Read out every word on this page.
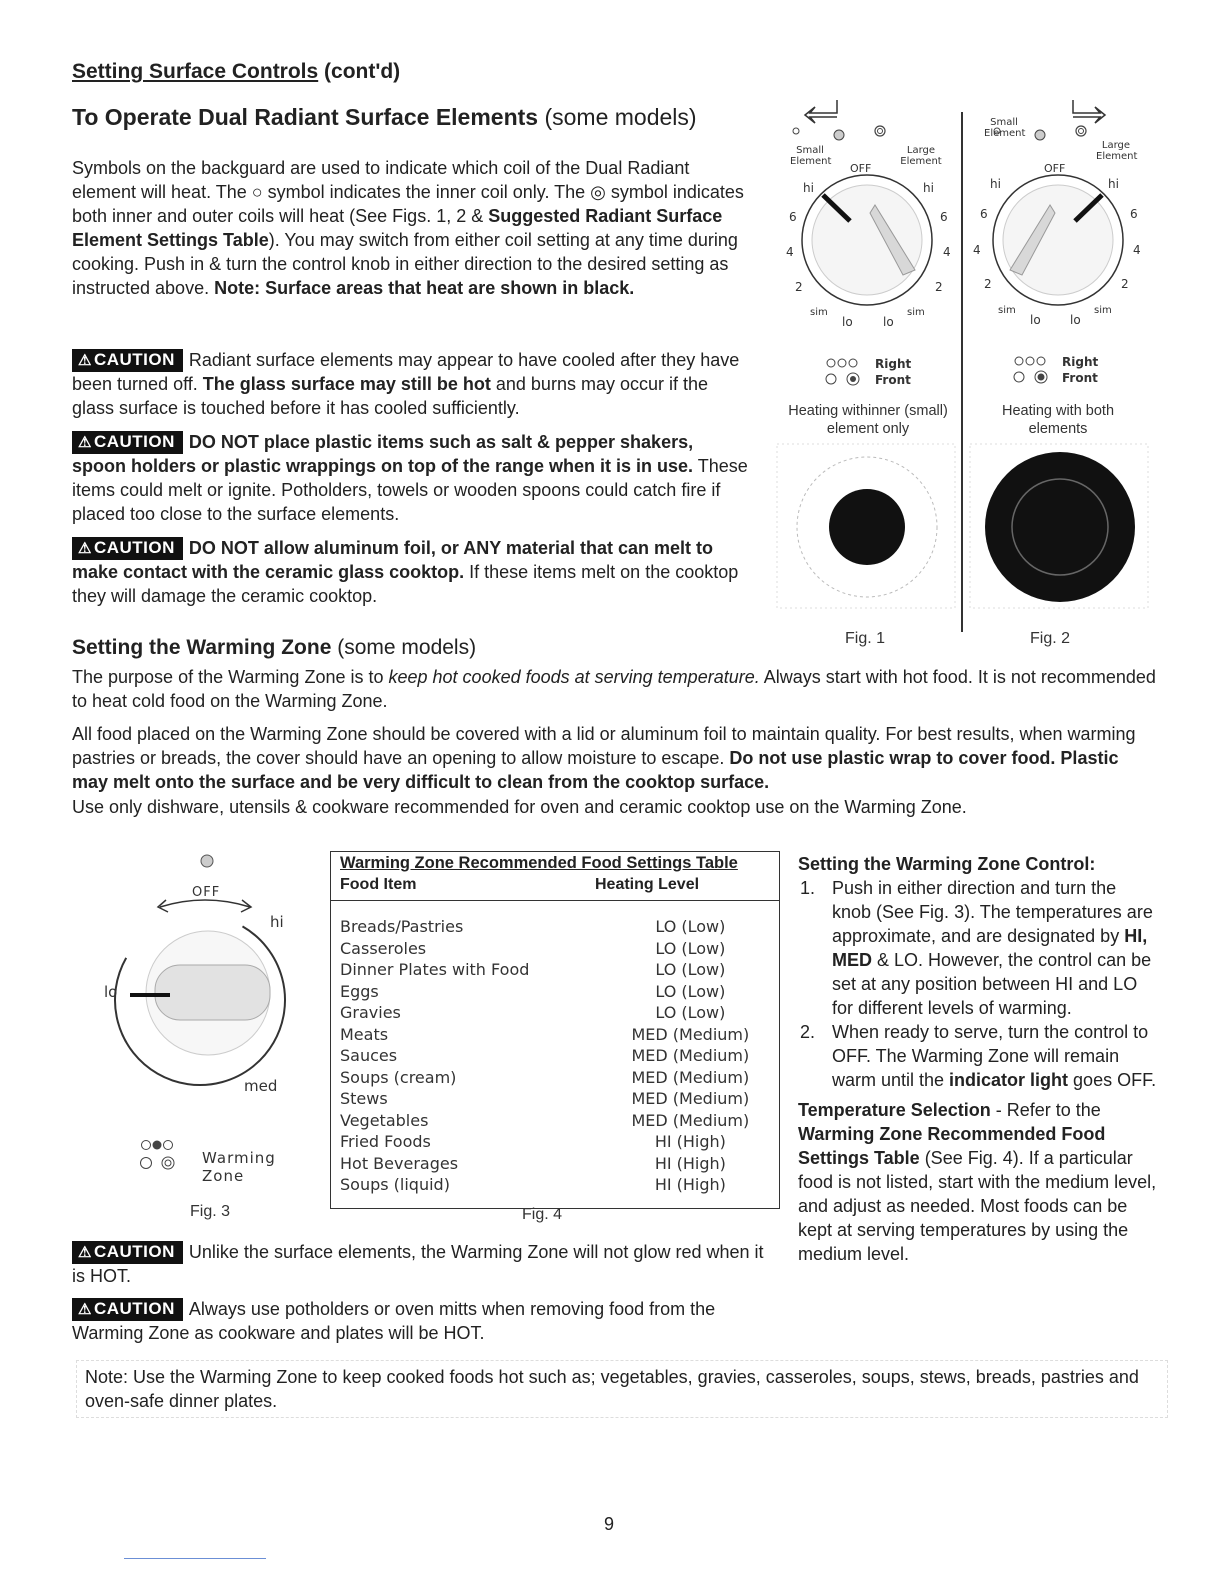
Setting Surface Controls (cont'd)
To Operate Dual Radiant Surface Elements (some models)
Symbols on the backguard are used to indicate which coil of the Dual Radiant element will heat. The ○ symbol indicates the inner coil only. The ◎ symbol indicates both inner and outer coils will heat (See Figs. 1, 2 & Suggested Radiant Surface Element Settings Table). You may switch from either coil setting at any time during cooking. Push in & turn the control knob in either direction to the desired setting as instructed above. Note: Surface areas that heat are shown in black.
⚠ CAUTION Radiant surface elements may appear to have cooled after they have been turned off. The glass surface may still be hot and burns may occur if the glass surface is touched before it has cooled sufficiently.
⚠ CAUTION DO NOT place plastic items such as salt & pepper shakers, spoon holders or plastic wrappings on top of the range when it is in use. These items could melt or ignite. Potholders, towels or wooden spoons could catch fire if placed too close to the surface elements.
⚠ CAUTION DO NOT allow aluminum foil, or ANY material that can melt to make contact with the ceramic glass cooktop. If these items melt on the cooktop they will damage the ceramic cooktop.
Small Element
Large Element
OFF
hi	hi
6	6
4	4
2	2
sim	sim
lo	lo
Right
Front
Heating withinner (small) element only
Fig. 1
Small Element
Large Element
OFF
hi	hi
6	6
4	4
2	2
sim	sim
lo lo
Right
Front
Heating with both elements
Fig. 2
Setting the Warming Zone (some models)
The purpose of the Warming Zone is to keep hot cooked foods at serving temperature. Always start with hot food. It is not recommended to heat cold food on the Warming Zone.
All food placed on the Warming Zone should be covered with a lid or aluminum foil to maintain quality. For best results, when warming pastries or breads, the cover should have an opening to allow moisture to escape. Do not use plastic wrap to cover food. Plastic may melt onto the surface and be very difficult to clean from the cooktop surface.
Use only dishware, utensils & cookware recommended for oven and ceramic cooktop use on the Warming Zone.
OFF
hi
lo
med
Warming
Zone
Fig. 3
Warming Zone Recommended Food Settings Table
Food Item	Heating Level
Breads/Pastries	LO (Low)
Casseroles	LO (Low)
Dinner Plates with Food	LO (Low)
Eggs	LO (Low)
Gravies	LO (Low)
Meats	MED (Medium)
Sauces	MED (Medium)
Soups (cream)	MED (Medium)
Stews	MED (Medium)
Vegetables	MED (Medium)
Fried Foods	HI (High)
Hot Beverages	HI (High)
Soups (liquid)	HI (High)
Fig. 4
Setting the Warming Zone Control:
1. Push in either direction and turn the knob (See Fig. 3). The temperatures are approximate, and are designated by HI, MED & LO. However, the control can be set at any position between HI and LO for different levels of warming.
2. When ready to serve, turn the control to OFF. The Warming Zone will remain warm until the indicator light goes OFF.
Temperature Selection - Refer to the Warming Zone Recommended Food Settings Table (See Fig. 4). If a particular food is not listed, start with the medium level, and adjust as needed. Most foods can be kept at serving temperatures by using the medium level.
⚠ CAUTION Unlike the surface elements, the Warming Zone will not glow red when it is HOT.
⚠ CAUTION Always use potholders or oven mitts when removing food from the Warming Zone as cookware and plates will be HOT.
Note: Use the Warming Zone to keep cooked foods hot such as; vegetables, gravies, casseroles, soups, stews, breads, pastries and oven-safe dinner plates.
9
